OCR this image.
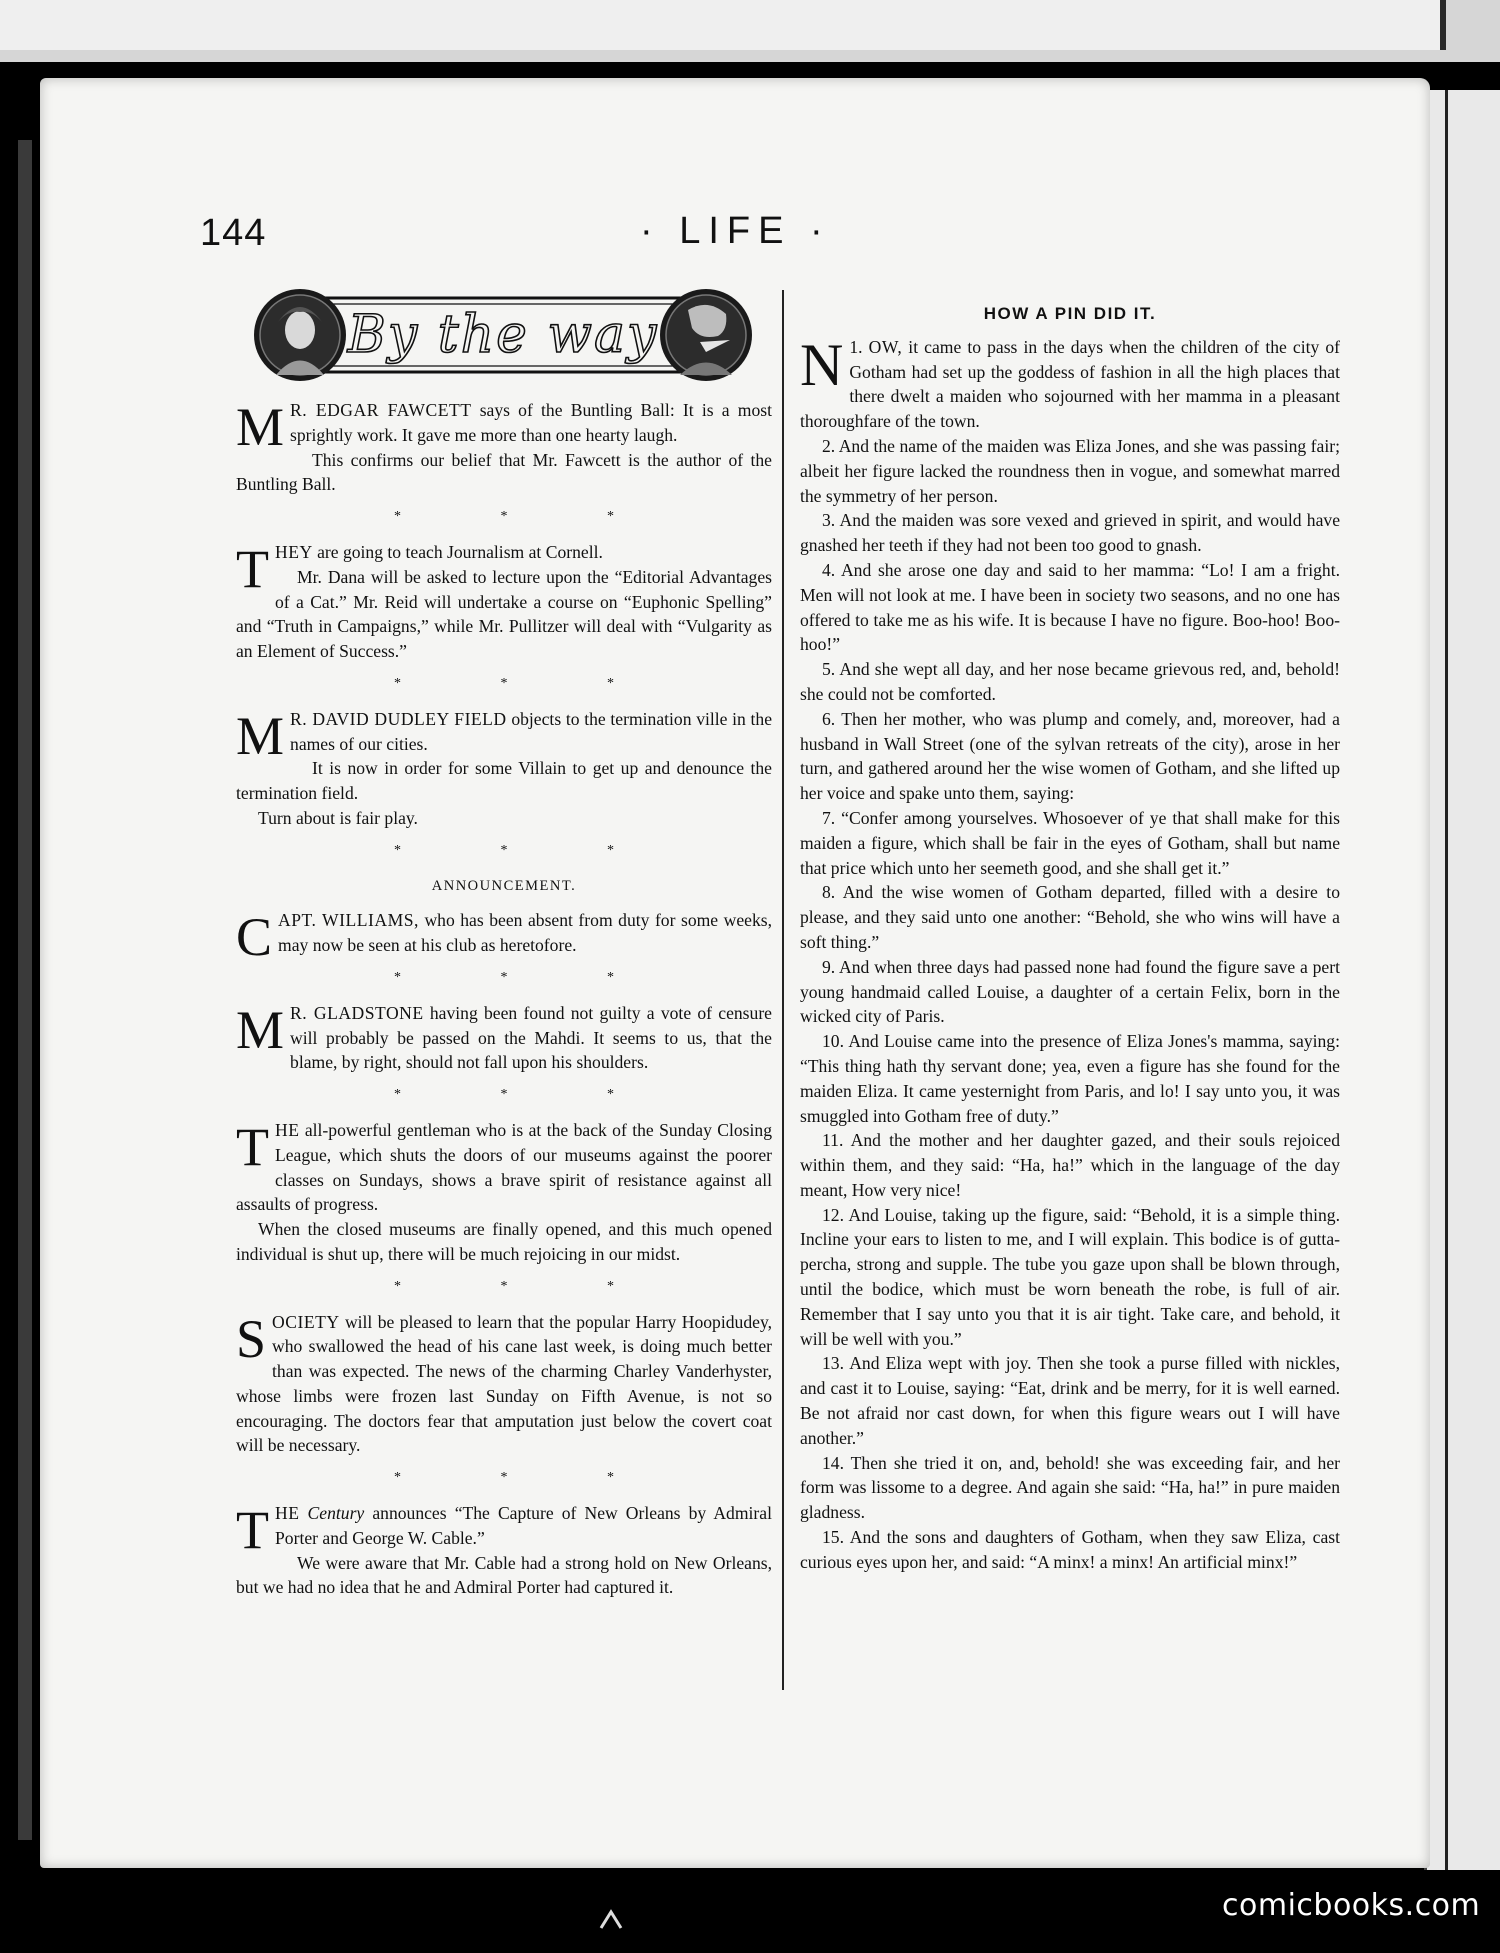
144	· LIFE ·
By the way

M R. EDGAR FAWCETT says of the Buntling Ball: It is a most sprightly work. It gave me more than one hearty laugh.

This confirms our belief that Mr. Fawcett is the author of the Buntling Ball.

* * *

THEY are going to teach Journalism at Cornell.

Mr. Dana will be asked to lecture upon the “Editorial Advantages of a Cat.” Mr. Reid will undertake a course on “Euphonic Spelling” and “Truth in Campaigns,” while Mr. Pullitzer will deal with “Vulgarity as an Element of Success.”

* * *

M R. DAVID DUDLEY FIELD objects to the termination ville in the names of our cities.

It is now in order for some Villain to get up and denounce the termination field.

Turn about is fair play.

* * *
ANNOUNCEMENT.

CAPT. WILLIAMS, who has been absent from duty for some weeks, may now be seen at his club as heretofore.

* * *

M R. GLADSTONE having been found not guilty a vote of censure will probably be passed on the Mahdi. It seems to us, that the blame, by right, should not fall upon his shoulders.

* * *

THE all-powerful gentleman who is at the back of the Sunday Closing League, which shuts the doors of our museums against the poorer classes on Sundays, shows a brave spirit of resistance against all assaults of progress.

When the closed museums are finally opened, and this much opened individual is shut up, there will be much rejoicing in our midst.

* * *

SOCIETY will be pleased to learn that the popular Harry Hoopidudey, who swallowed the head of his cane last week, is doing much better than was expected. The news of the charming Charley Vanderhyster, whose limbs were frozen last Sunday on Fifth Avenue, is not so encouraging. The doctors fear that amputation just below the covert coat will be necessary.

* * *

THE Century announces “The Capture of New Orleans by Admiral Porter and George W. Cable.”

We were aware that Mr. Cable had a strong hold on New Orleans, but we had no idea that he and Admiral Porter had captured it.

HOW A PIN DID IT.

1.
N OW, it came to pass in the days when the children of the city of Gotham had set up the goddess of fashion in all the high places that there dwelt a maiden who sojourned with her mamma in a pleasant thoroughfare of the town.

2. And the name of the maiden was Eliza Jones, and she was passing fair; albeit her figure lacked the roundness then in vogue, and somewhat marred the symmetry of her person.

3. And the maiden was sore vexed and grieved in spirit, and would have gnashed her teeth if they had not been too good to gnash.

4. And she arose one day and said to her mamma: “Lo! I am a fright. Men will not look at me. I have been in society two seasons, and no one has offered to take me as his wife. It is because I have no figure. Boo-hoo! Boo-hoo!”

5. And she wept all day, and her nose became grievous red, and, behold! she could not be comforted.

6. Then her mother, who was plump and comely, and, moreover, had a husband in Wall Street (one of the sylvan retreats of the city), arose in her turn, and gathered around her the wise women of Gotham, and she lifted up her voice and spake unto them, saying:

7. “Confer among yourselves. Whosoever of ye that shall make for this maiden a figure, which shall be fair in the eyes of Gotham, shall but name that price which unto her seemeth good, and she shall get it.”

8. And the wise women of Gotham departed, filled with a desire to please, and they said unto one another: “Behold, she who wins will have a soft thing.”

9. And when three days had passed none had found the figure save a pert young handmaid called Louise, a daughter of a certain Felix, born in the wicked city of Paris.

10. And Louise came into the presence of Eliza Jones's mamma, saying: “This thing hath thy servant done; yea, even a figure has she found for the maiden Eliza. It came yesternight from Paris, and lo! I say unto you, it was smuggled into Gotham free of duty.”

11. And the mother and her daughter gazed, and their souls rejoiced within them, and they said: “Ha, ha!” which in the language of the day meant, How very nice!

12. And Louise, taking up the figure, said: “Behold, it is a simple thing. Incline your ears to listen to me, and I will explain. This bodice is of gutta-percha, strong and supple. The tube you gaze upon shall be blown through, until the bodice, which must be worn beneath the robe, is full of air. Remember that I say unto you that it is air tight. Take care, and behold, it will be well with you.”

13. And Eliza wept with joy. Then she took a purse filled with nickles, and cast it to Louise, saying: “Eat, drink and be merry, for it is well earned. Be not afraid nor cast down, for when this figure wears out I will have another.”

14. Then she tried it on, and, behold! she was exceeding fair, and her form was lissome to a degree. And again she said: “Ha, ha!” in pure maiden gladness.

15. And the sons and daughters of Gotham, when they saw Eliza, cast curious eyes upon her, and said: “A minx! a minx! An artificial minx!”

comicbooks.com
